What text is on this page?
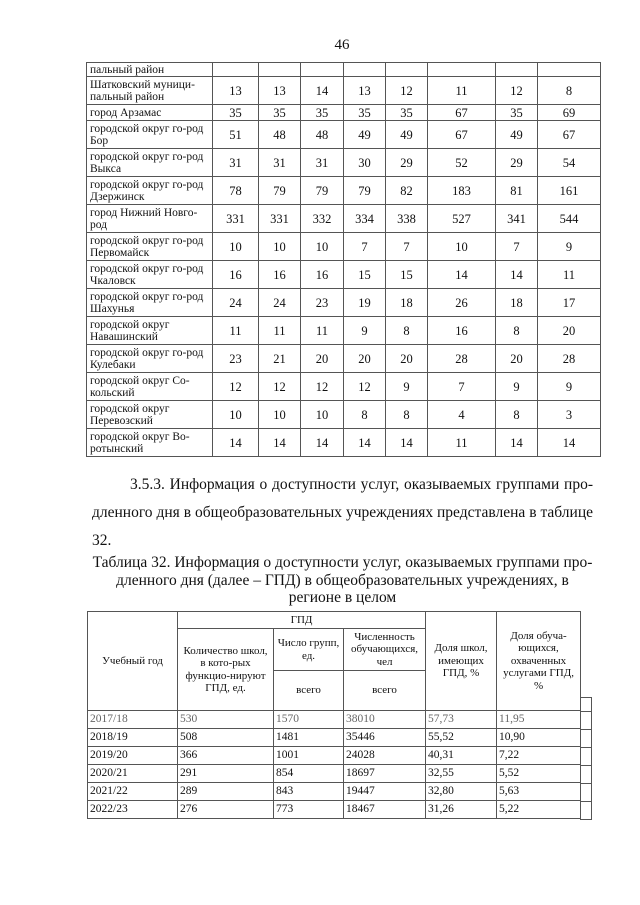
46
пальный район								
Шатковский муници-пальный район	13	13	14	13	12	11	12	8
город Арзамас	35	35	35	35	35	67	35	69
городской округ го-род Бор	51	48	48	49	49	67	49	67
городской округ го-род Выкса	31	31	31	30	29	52	29	54
городской округ го-род Дзержинск	78	79	79	79	82	183	81	161
город Нижний Новго-род	331	331	332	334	338	527	341	544
городской округ го-род Первомайск	10	10	10	7	7	10	7	9
городской округ го-род Чкаловск	16	16	16	15	15	14	14	11
городской округ го-род Шахунья	24	24	23	19	18	26	18	17
городской округ Навашинский	11	11	11	9	8	16	8	20
городской округ го-род Кулебаки	23	21	20	20	20	28	20	28
городской округ Со-кольский	12	12	12	12	9	7	9	9
городской округ Перевозский	10	10	10	8	8	4	8	3
городской округ Во-ротынский	14	14	14	14	14	11	14	14

3.5.3. Информация о доступности услуг, оказываемых группами про-дленного дня в общеобразовательных учреждениях представлена в таблице 32.

Таблица 32. Информация о доступности услуг, оказываемых группами про-дленного дня (далее – ГПД) в общеобразовательных учреждениях, в регионе в целом
Учебный год	ГПД			Доля школ, имеющих ГПД, %	Доля обуча-ющихся, охваченных услугами ГПД, %
	Количество школ, в кото-рых функцио-нируют ГПД, ед.	Число групп, ед.	Численность обучающихся, чел		
		всего	всего		
2017/18	530	1570	38010	57,73	11,95
2018/19	508	1481	35446	55,52	10,90
2019/20	366	1001	24028	40,31	7,22
2020/21	291	854	18697	32,55	5,52
2021/22	289	843	19447	32,80	5,63
2022/23	276	773	18467	31,26	5,22
